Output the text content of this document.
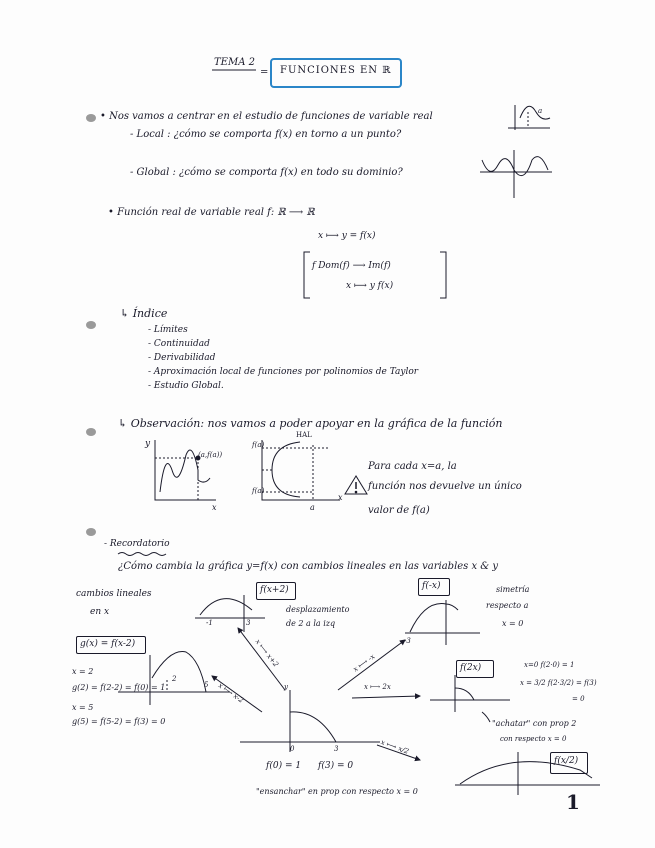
TEMA 2
= FUNCIONES EN ℝ
• Nos vamos a centrar en el estudio de funciones de variable real	a
- Local : ¿cómo se comporta f(x) en torno a un punto?
- Global : ¿cómo se comporta f(x) en todo su dominio?
• Función real de variable real f: ℝ ⟶ ℝ
x ⟼ y = f(x)
f Dom(f) ⟶ Im(f)
x ⟼ y f(x)
↳ Índice
- Límites
- Continuidad
- Derivabilidad
- Aproximación local de funciones por polinomios de Taylor
- Estudio Global.
↳ Observación: nos vamos a poder apoyar en la gráfica de la función
y
x
(a,f(a))
f(a)
HAL
f(a)
x
a
Para cada x=a, la
función nos devuelve un único
valor de f(a)
- Recordatorio
¿Cómo cambia la gráfica y=f(x) con cambios lineales en las variables x & y
cambios lineales
en x
f(x+2)
desplazamiento
de 2 a la izq
-1	3
f(-x)	simetría
respecto a
x = 0
-3
g(x) = f(x-2)
x = 2
g(2) = f(2-2) = f(0) = 1
x = 5
g(5) = f(5-2) = f(3) = 0
2
5
x ⟼ x+2	x ⟼ -x
x ⟼ x-2	x ⟼ 2x
x ⟼ x/2
f(2x)	x=0 f(2·0) = 1
x = 3/2 f(2·3/2) = f(3)
= 0
"achatar" con prop 2
con respecto x = 0
y
0	3
f(0) = 1 f(3) = 0	f(x/2)
"ensanchar" en prop con respecto x = 0	1
